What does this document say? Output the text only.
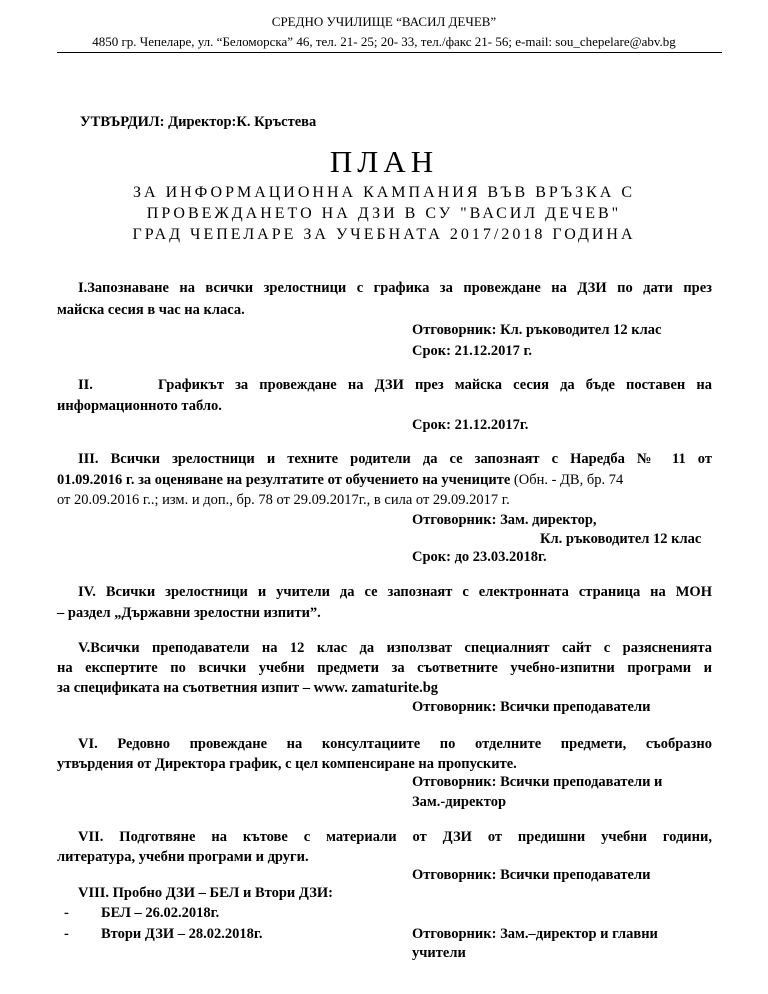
СРЕДНО УЧИЛИЩЕ “ВАСИЛ ДЕЧЕВ”
4850 гр. Чепеларе, ул. “Беломорска” 46, тел. 21- 25; 20- 33, тел./факс 21- 56; e-mail: sou_chepelare@abv.bg
УТВЪРДИЛ: Директор:К. Кръстева
ПЛАН
ЗА ИНФОРМАЦИОННА КАМПАНИЯ ВЪВ ВРЪЗКА С
ПРОВЕЖДАНЕТО НА ДЗИ В СУ "ВАСИЛ ДЕЧЕВ"
ГРАД ЧЕПЕЛАРЕ ЗА УЧЕБНАТА 2017/2018 ГОДИНА
I.Запознаване на всички зрелостници с графика за провеждане на ДЗИ по дати през
майска сесия в час на класа.
Отговорник: Кл. ръководител 12 клас
Срок: 21.12.2017 г.
II.	Графикът за провеждане на ДЗИ през майска сесия да бъде поставен на
информационното табло.
Срок: 21.12.2017г.
III. Всички зрелостници и техните родители да се запознаят с Наредба № 11 от
01.09.2016 г. за оценяване на резултатите от обучението на учениците (Обн. - ДВ, бр. 74
от 20.09.2016 г..; изм. и доп., бр. 78 от 29.09.2017г., в сила от 29.09.2017 г.
Отговорник: Зам. директор,
Кл. ръководител 12 клас
Срок: до 23.03.2018г.
IV. Всички зрелостници и учители да се запознаят с електронната страница на МОН
– раздел „Държавни зрелостни изпити”.
V.Всички преподаватели на 12 клас да използват специалният сайт с разясненията
на експертите по всички учебни предмети за съответните учебно-изпитни програми и
за спецификата на съответния изпит – www. zamaturite.bg
Отговорник: Всички преподаватели
VI. Редовно провеждане на консултациите по отделните предмети, съобразно
утвърдения от Директора график, с цел компенсиране на пропуските.
Отговорник: Всички преподаватели и
Зам.-директор
VII. Подготвяне на кътове с материали от ДЗИ от предишни учебни години,
литература, учебни програми и други.
Отговорник: Всички преподаватели
VIII. Пробно ДЗИ – БЕЛ и Втори ДЗИ:
- БЕЛ – 26.02.2018г.
- Втори ДЗИ – 28.02.2018г.	Отговорник: Зам.–директор и главни
учители
